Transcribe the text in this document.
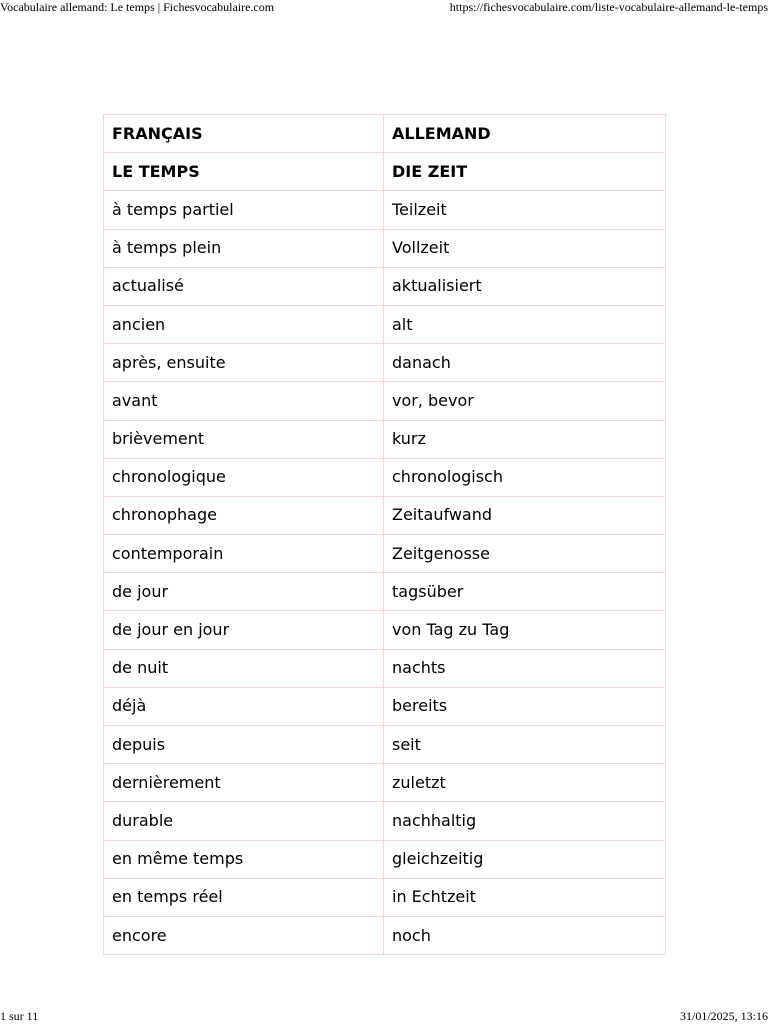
Vocabulaire allemand: Le temps | Fichesvocabulaire.com	https://fichesvocabulaire.com/liste-vocabulaire-allemand-le-temps
FRANÇAIS	ALLEMAND
LE TEMPS	DIE ZEIT
à temps partiel	Teilzeit
à temps plein	Vollzeit
actualisé	aktualisiert
ancien	alt
après, ensuite	danach
avant	vor, bevor
brièvement	kurz
chronologique	chronologisch
chronophage	Zeitaufwand
contemporain	Zeitgenosse
de jour	tagsüber
de jour en jour	von Tag zu Tag
de nuit	nachts
déjà	bereits
depuis	seit
dernièrement	zuletzt
durable	nachhaltig
en même temps	gleichzeitig
en temps réel	in Echtzeit
encore	noch
1 sur 11	31/01/2025, 13:16
